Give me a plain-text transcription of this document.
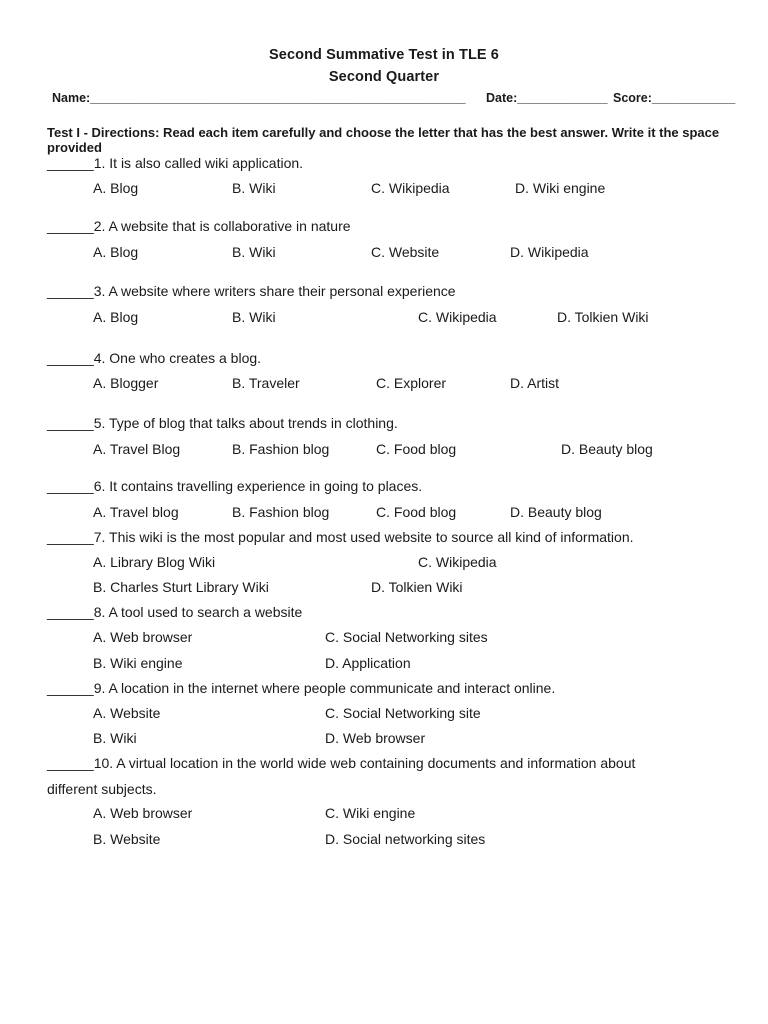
Second Summative Test in TLE 6
Second Quarter
Name:______________________________________________________ Date:_____________ Score:____________
Test I - Directions: Read each item carefully and choose the letter that has the best answer. Write it the space provided
______1. It is also called wiki application.
A. Blog	B. Wiki	C. Wikipedia	D. Wiki engine
______2. A website that is collaborative in nature
A. Blog	B. Wiki	C. Website	D. Wikipedia
______3. A website where writers share their personal experience
A. Blog	B. Wiki	C. Wikipedia	D. Tolkien Wiki
______4. One who creates a blog.
A. Blogger	B. Traveler	C. Explorer	D. Artist
______5. Type of blog that talks about trends in clothing.
A. Travel Blog	B. Fashion blog	C. Food blog	D. Beauty blog
______6. It contains travelling experience in going to places.
A. Travel blog	B. Fashion blog	C. Food blog	D. Beauty blog
______7. This wiki is the most popular and most used website to source all kind of information.
A. Library Blog Wiki	C. Wikipedia
B. Charles Sturt Library Wiki	D. Tolkien Wiki
______8. A tool used to search a website
A. Web browser	C. Social Networking sites
B. Wiki engine	D. Application
______9. A location in the internet where people communicate and interact online.
A. Website	C. Social Networking site
B. Wiki	D. Web browser
______10. A virtual location in the world wide web containing documents and information about
different subjects.
A. Web browser	C. Wiki engine
B. Website	D. Social networking sites
